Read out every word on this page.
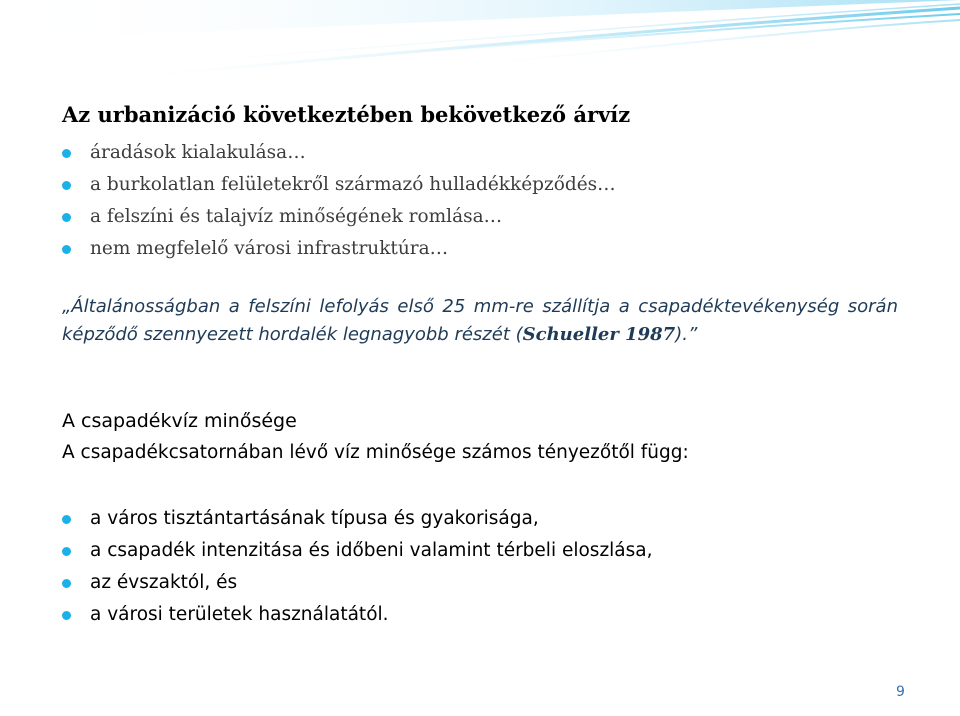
Az urbanizáció következtében bekövetkező árvíz
áradások kialakulása…
a burkolatlan felületekről származó hulladékképződés…
a felszíni és talajvíz minőségének romlása…
nem megfelelő városi infrastruktúra…

„Általánosságban a felszíni lefolyás első 25 mm-re szállítja a csapadéktevékenység során képződő szennyezett hordalék legnagyobb részét (Schueller 1987).”

A csapadékvíz minősége
A csapadékcsatornában lévő víz minősége számos tényezőtől függ:
a város tisztántartásának típusa és gyakorisága,
a csapadék intenzitása és időbeni valamint térbeli eloszlása,
az évszaktól, és
a városi területek használatától.
9
